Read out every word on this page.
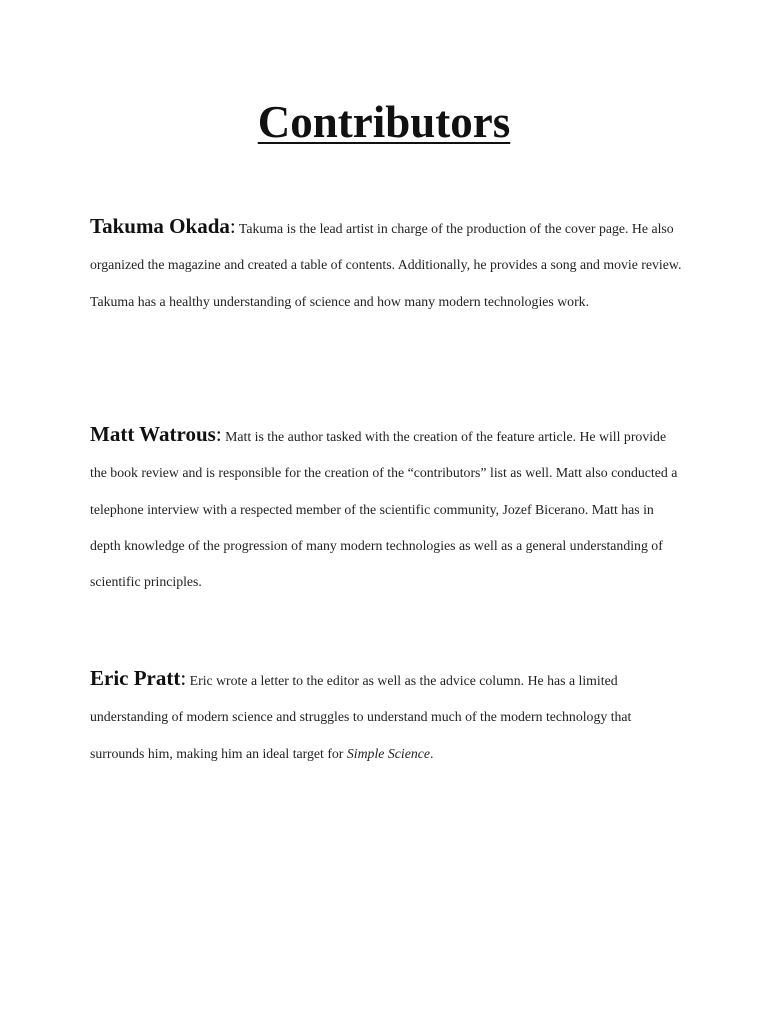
Contributors

Takuma Okada: Takuma is the lead artist in charge of the production of the cover page. He also organized the magazine and created a table of contents. Additionally, he provides a song and movie review. Takuma has a healthy understanding of science and how many modern technologies work.

Matt Watrous: Matt is the author tasked with the creation of the feature article. He will provide the book review and is responsible for the creation of the “contributors” list as well. Matt also conducted a telephone interview with a respected member of the scientific community, Jozef Bicerano. Matt has in depth knowledge of the progression of many modern technologies as well as a general understanding of scientific principles.

Eric Pratt: Eric wrote a letter to the editor as well as the advice column. He has a limited understanding of modern science and struggles to understand much of the modern technology that surrounds him, making him an ideal target for Simple Science.
